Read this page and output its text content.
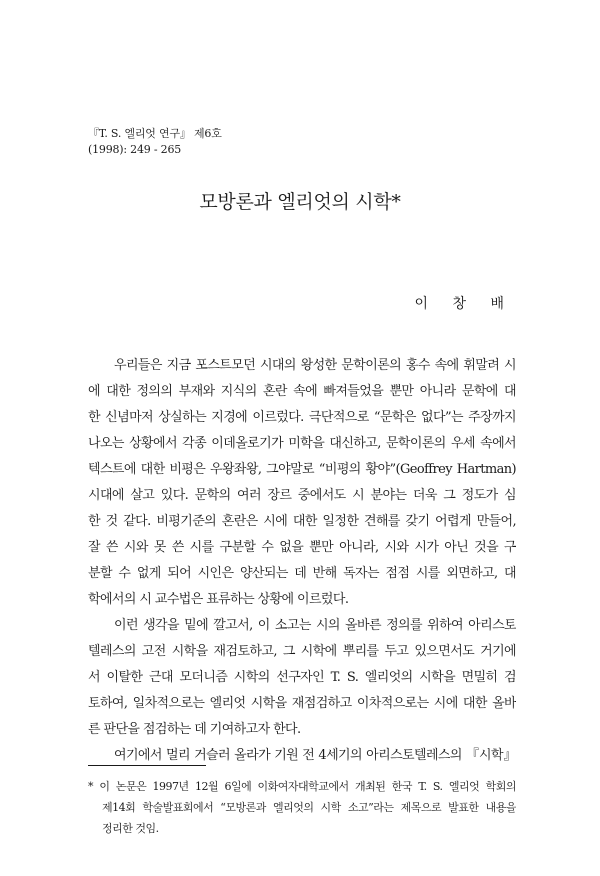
『T. S. 엘리엇 연구』 제6호
(1998): 249 - 265
모방론과 엘리엇의 시학*
이 창 배
우리들은 지금 포스트모던 시대의 왕성한 문학이론의 홍수 속에 휘말려 시
에 대한 정의의 부재와 지식의 혼란 속에 빠져들었을 뿐만 아니라 문학에 대
한 신념마저 상실하는 지경에 이르렀다. 극단적으로 “문학은 없다”는 주장까지
나오는 상황에서 각종 이데올로기가 미학을 대신하고, 문학이론의 우세 속에서
텍스트에 대한 비평은 우왕좌왕, 그야말로 “비평의 황야”(Geoffrey Hartman)
시대에 살고 있다. 문학의 여러 장르 중에서도 시 분야는 더욱 그 정도가 심
한 것 같다. 비평기준의 혼란은 시에 대한 일정한 견해를 갖기 어렵게 만들어,
잘 쓴 시와 못 쓴 시를 구분할 수 없을 뿐만 아니라, 시와 시가 아닌 것을 구
분할 수 없게 되어 시인은 양산되는 데 반해 독자는 점점 시를 외면하고, 대
학에서의 시 교수법은 표류하는 상황에 이르렀다.
이런 생각을 밑에 깔고서, 이 소고는 시의 올바른 정의를 위하여 아리스토
텔레스의 고전 시학을 재검토하고, 그 시학에 뿌리를 두고 있으면서도 거기에
서 이탈한 근대 모더니즘 시학의 선구자인 T. S. 엘리엇의 시학을 면밀히 검
토하여, 일차적으로는 엘리엇 시학을 재점검하고 이차적으로는 시에 대한 올바
른 판단을 점검하는 데 기여하고자 한다.
여기에서 멀리 거슬러 올라가 기원 전 4세기의 아리스토텔레스의 『시학』
* 이 논문은 1997년 12월 6일에 이화여자대학교에서 개최된 한국 T. S. 엘리엇 학회의
제14회 학술발표회에서 “모방론과 엘리엇의 시학 소고”라는 제목으로 발표한 내용을
정리한 것임.
